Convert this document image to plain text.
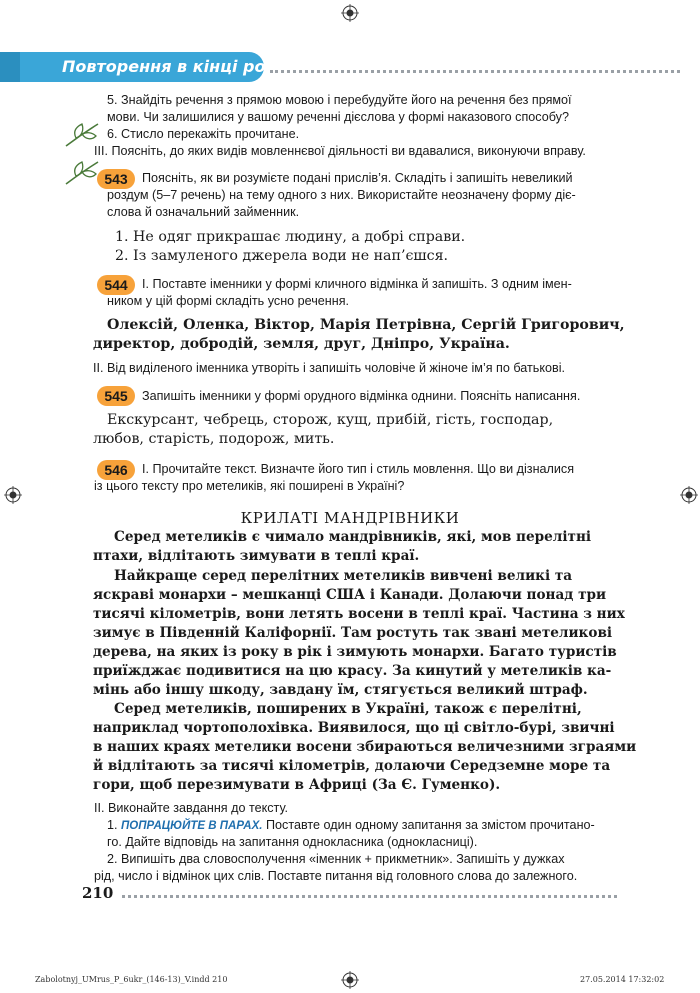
Повторення в кінці року
5. Знайдіть речення з прямою мовою і перебудуйте його на речення без прямої
мови. Чи залишилися у вашому реченні дієслова у формі наказового способу?
6. Стисло перекажіть прочитане.
III. Поясніть, до яких видів мовленнєвої діяльності ви вдавалися, виконуючи вправу.
543	Поясніть, як ви розумієте подані прислів’я. Складіть і запишіть невеликий
роздум (5–7 речень) на тему одного з них. Використайте неозначену форму діє-
слова й означальний займенник.
1. Не одяг прикрашає людину, а добрі справи.
2. Із замуленого джерела води не нап’єшся.
544	I. Поставте іменники у формі кличного відмінка й запишіть. З одним імен-
ником у цій формі складіть усно речення.
Олексій, Оленка, Віктор, Марія Петрівна, Сергій Григорович,
директор, добродій, земля, друг, Дніпро, Україна.
II. Від виділеного іменника утворіть і запишіть чоловіче й жіноче ім’я по батькові.
545	Запишіть іменники у формі орудного відмінка однини. Поясніть написання.
Екскурсант, чебрець, сторож, кущ, прибій, гість, господар,
любов, старість, подорож, мить.
546	I. Прочитайте текст. Визначте його тип і стиль мовлення. Що ви дізналися
із цього тексту про метеликів, які поширені в Україні?
КРИЛАТІ МАНДРІВНИКИ
Серед метеликів є чимало мандрівників, які, мов перелітні
птахи, відлітають зимувати в теплі краї.
Найкраще серед перелітних метеликів вивчені великі та
яскраві монархи – мешканці США і Канади. Долаючи понад три
тисячі кілометрів, вони летять восени в теплі краї. Частина з них
зимує в Південній Каліфорнії. Там ростуть так звані метеликові
дерева, на яких із року в рік і зимують монархи. Багато туристів
приїжджає подивитися на цю красу. За кинутий у метеликів ка-
мінь або іншу шкоду, завдану їм, стягується великий штраф.
Серед метеликів, поширених в Україні, також є перелітні,
наприклад чортополохівка. Виявилося, що ці світло-бурі, звичні
в наших краях метелики восени збираються величезними зграями
й відлітають за тисячі кілометрів, долаючи Середземне море та
гори, щоб перезимувати в Африці (За Є. Гуменко).
II. Виконайте завдання до тексту.
1. ПОПРАЦЮЙТЕ В ПАРАХ. Поставте один одному запитання за змістом прочитано-
го. Дайте відповідь на запитання однокласника (однокласниці).
2. Випишіть два словосполучення «іменник + прикметник». Запишіть у дужках
рід, число і відмінок цих слів. Поставте питання від головного слова до залежного.
210
Zabolotnyj_UMrus_P_6ukr_(146-13)_V.indd 210	27.05.2014 17:32:02
